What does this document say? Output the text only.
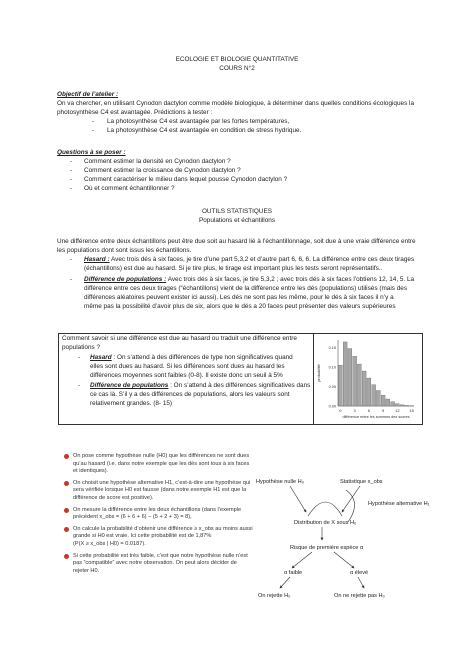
ECOLOGIE ET BIOLOGIE QUANTITATIVE
COURS N°2
Objectif de l’atelier :
On va chercher, en utilisant Cynodon dactylon comme modèle biologique, à déterminer dans quelles conditions écologiques la
photosynthèse C4 est avantagée. Prédictions à tester :
- La photosynthèse C4 est avantagée par les fortes températures,
- La photosynthèse C4 est avantagée en condition de stress hydrique.
Questions à se poser :
- Comment estimer la densité en Cynodon dactylon ?
- Comment estimer la croissance de Cynodon dactylon ?
- Comment caractériser le milieu dans lequel pousse Cynodon dactylon ?
- Où et comment échantillonner ?
OUTILS STATISTIQUES
Populations et échantillons
Une différence entre deux échantillons peut être due soit au hasard lié à l’échantillonnage, soit due à une vraie différence entre
les populations dont sont issus les échantillons.
- Hasard : Avec trois dés à six faces, je tire d’une part 5,3,2 et d’autre part 6, 6, 6. La différence entre ces deux tirages
(échantillons) est due au hasard. Si je tire plus, le tirage est important plus les tests seront représentatifs..
- Différence de populations : Avec trois dés à six faces, je tire 5,3,2 ; avec trois dés à six faces l’obtiens 12, 14, 5. La
différence entre ces deux tirages (“échantillons) vient de la différence entre les dés (populations) utilisés (mais des
différences aléatoires peuvent exister ici aussi). Les dés ne sont pas les même, pour le dés à six faces il n’y a
même pas la possibilité d’avoir plus de six, alors que le dés a 20 faces peut présenter des valeurs supérieures
Comment savoir si une différence est due au hasard ou traduit une différence entre
populations ?
- Hasard : On s’attend à des différences de type non significatives quand
elles sont dues au hasard. Si les différences sont dues au hasard les
différences moyennes sont faibles (0-8). Il existe donc un seuil à 5%
- Différence de populations : On s’attend à des différences significatives dans
ce cas là. S’il y a des différences de populations, alors les valeurs sont
relativement grandes. (8- 15)
0	3	6	9	12 15
0.15
0.10
0.05
0.00
probabilité
différence entre les sommes des scores
On pose comme hypothèse nulle (H0) que les différences ne sont dues
qu’au hasard (i.e. dans notre exemple que les dés sont tous à six faces
et identiques).
On choisit une hypothèse alternative H1, c’est-à-dire une hypothèse qui
sera vérifiée lorsque H0 est fausse (dans notre exemple H1 est que la
différence de score est positive).
On mesure la différence entre les deux échantillons (dans l’exemple
précédent x_obs = (6 + 6 + 6) − (5 + 2 + 3) = 8),
On calcule la probabilité d’obtenir une différence ≥ x_obs au moins aussi
grande si H0 est vraie. Ici cette probabilité est de 1,87%
(P(X ≥ x_obs | H0) = 0.0187).
Si cette probabilité est très faible, c’est que notre hypothèse nulle n’est
pas “compatible” avec notre observation. On peut alors décider de
rejeter H0.
Hypothèse nulle H₀	Statistique x_obs
Hypothèse alternative H₁
Distribution de X sous H₀
Risque de première espèce α
α faible	α élevé
On rejette H₀	On ne rejette pas H₀
